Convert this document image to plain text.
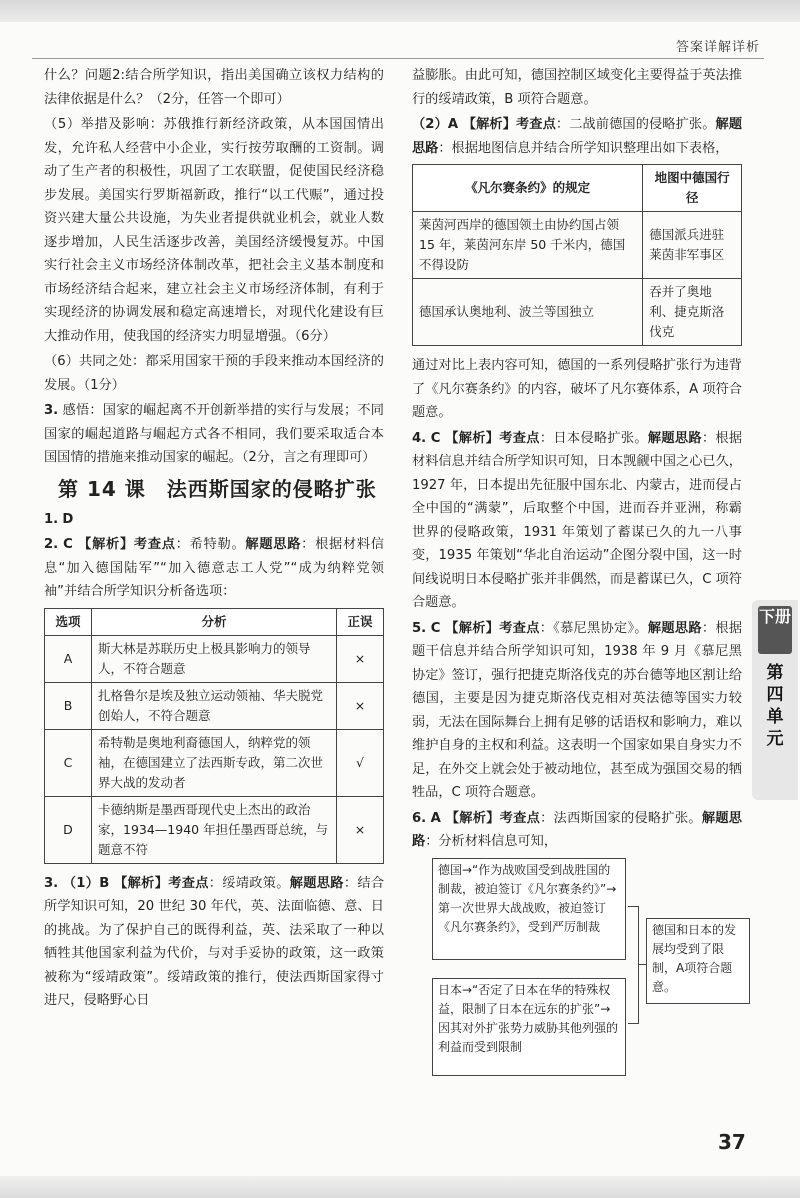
答案详解详析

什么？问题2:结合所学知识，指出美国确立该权力结构的法律依据是什么？（2分，任答一个即可）

（5）举措及影响：苏俄推行新经济政策，从本国国情出发，允许私人经营中小企业，实行按劳取酬的工资制。调动了生产者的积极性，巩固了工农联盟，促使国民经济稳步发展。美国实行罗斯福新政，推行“以工代赈”，通过投资兴建大量公共设施，为失业者提供就业机会，就业人数逐步增加，人民生活逐步改善，美国经济缓慢复苏。中国实行社会主义市场经济体制改革，把社会主义基本制度和市场经济结合起来，建立社会主义市场经济体制，有利于实现经济的协调发展和稳定高速增长，对现代化建设有巨大推动作用，使我国的经济实力明显增强。（6分）

（6）共同之处：都采用国家干预的手段来推动本国经济的发展。（1分）

3. 感悟：国家的崛起离不开创新举措的实行与发展；不同国家的崛起道路与崛起方式各不相同，我们要采取适合本国国情的措施来推动国家的崛起。（2分，言之有理即可）

第 14 课　法西斯国家的侵略扩张

1. D

2. C 【解析】考查点：希特勒。解题思路：根据材料信息“加入德国陆军”“加入德意志工人党”“成为纳粹党领袖”并结合所学知识分析备选项：

选项	分析	正误
A	斯大林是苏联历史上极具影响力的领导人，不符合题意	×
B	扎格鲁尔是埃及独立运动领袖、华夫脱党创始人，不符合题意	×
C	希特勒是奥地利裔德国人，纳粹党的领袖，在德国建立了法西斯专政，第二次世界大战的发动者	√
D	卡德纳斯是墨西哥现代史上杰出的政治家，1934—1940 年担任墨西哥总统，与题意不符	×

3. （1）B 【解析】考查点：绥靖政策。解题思路：结合所学知识可知，20 世纪 30 年代，英、法面临德、意、日的挑战。为了保护自己的既得利益，英、法采取了一种以牺牲其他国家利益为代价，与对手妥协的政策，这一政策被称为“绥靖政策”。绥靖政策的推行，使法西斯国家得寸进尺，侵略野心日

益膨胀。由此可知，德国控制区域变化主要得益于英法推行的绥靖政策，B 项符合题意。

（2）A 【解析】考查点：二战前德国的侵略扩张。解题思路：根据地图信息并结合所学知识整理出如下表格，

《凡尔赛条约》的规定	地图中德国行径
莱茵河西岸的德国领土由协约国占领 15 年，莱茵河东岸 50 千米内，德国不得设防	德国派兵进驻莱茵非军事区
德国承认奥地利、波兰等国独立	吞并了奥地利、捷克斯洛伐克

通过对比上表内容可知，德国的一系列侵略扩张行为违背了《凡尔赛条约》的内容，破坏了凡尔赛体系，A 项符合题意。

4. C 【解析】考查点：日本侵略扩张。解题思路：根据材料信息并结合所学知识可知，日本觊觎中国之心已久，1927 年，日本提出先征服中国东北、内蒙古，进而侵占全中国的“满蒙”，后取整个中国，进而吞并亚洲，称霸世界的侵略政策，1931 年策划了蓄谋已久的九一八事变，1935 年策划“华北自治运动”企图分裂中国，这一时间线说明日本侵略扩张并非偶然，而是蓄谋已久，C 项符合题意。

5. C 【解析】考查点：《慕尼黑协定》。解题思路：根据题干信息并结合所学知识可知，1938 年 9 月《慕尼黑协定》签订，强行把捷克斯洛伐克的苏台德等地区割让给德国，主要是因为捷克斯洛伐克相对英法德等国实力较弱，无法在国际舞台上拥有足够的话语权和影响力，难以维护自身的主权和利益。这表明一个国家如果自身实力不足，在外交上就会处于被动地位，甚至成为强国交易的牺牲品，C 项符合题意。

6. A 【解析】考查点：法西斯国家的侵略扩张。解题思路：分析材料信息可知，

德国→“作为战败国受到战胜国的制裁，被迫签订《凡尔赛条约》”→第一次世界大战战败，被迫签订《凡尔赛条约》，受到严厉制裁
日本→“否定了日本在华的特殊权益，限制了日本在远东的扩张”→因其对外扩张势力威胁其他列强的利益而受到限制
德国和日本的发展均受到了限制，A项符合题意。
下册
第四单元
37
